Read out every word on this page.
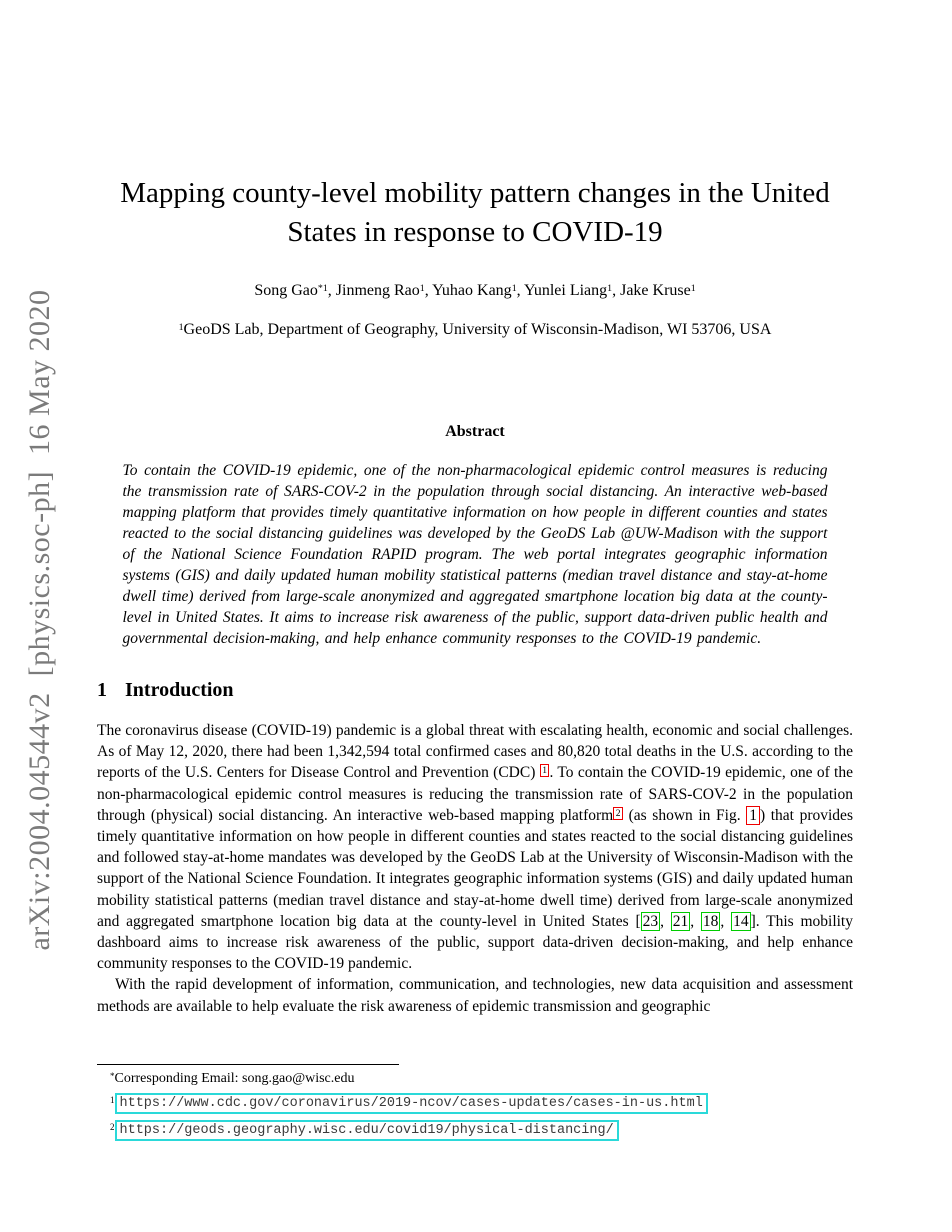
arXiv:2004.04544v2  [physics.soc-ph]  16 May 2020
Mapping county-level mobility pattern changes in the United States in response to COVID-19
Song Gao$^{*1}$, Jinmeng Rao$^1$, Yuhao Kang$^1$, Yunlei Liang$^1$, Jake Kruse$^1$
$^1$GeoDS Lab, Department of Geography, University of Wisconsin-Madison, WI 53706, USA
Abstract

To contain the COVID-19 epidemic, one of the non-pharmacological epidemic control measures is reducing the transmission rate of SARS-COV-2 in the population through social distancing. An interactive web-based mapping platform that provides timely quantitative information on how people in different counties and states reacted to the social distancing guidelines was developed by the GeoDS Lab @UW-Madison with the support of the National Science Foundation RAPID program. The web portal integrates geographic information systems (GIS) and daily updated human mobility statistical patterns (median travel distance and stay-at-home dwell time) derived from large-scale anonymized and aggregated smartphone location big data at the county-level in United States. It aims to increase risk awareness of the public, support data-driven public health and governmental decision-making, and help enhance community responses to the COVID-19 pandemic.

1 Introduction

The coronavirus disease (COVID-19) pandemic is a global threat with escalating health, economic and social challenges. As of May 12, 2020, there had been 1,342,594 total confirmed cases and 80,820 total deaths in the U.S. according to the reports of the U.S. Centers for Disease Control and Prevention (CDC) $^1$ . To contain the COVID-19 epidemic, one of the non-pharmacological epidemic control measures is reducing the transmission rate of SARS-COV-2 in the population through (physical) social distancing. An interactive web-based mapping platform $^2$ (as shown in Fig. 1 ) that provides timely quantitative information on how people in different counties and states reacted to the social distancing guidelines and followed stay-at-home mandates was developed by the GeoDS Lab at the University of Wisconsin-Madison with the support of the National Science Foundation. It integrates geographic information systems (GIS) and daily updated human mobility statistical patterns (median travel distance and stay-at-home dwell time) derived from large-scale anonymized and aggregated smartphone location big data at the county-level in United States [ 23 , 21 , 18 , 14 ]. This mobility dashboard aims to increase risk awareness of the public, support data-driven decision-making, and help enhance community responses to the COVID-19 pandemic.

With the rapid development of information, communication, and technologies, new data acquisition and assessment methods are available to help evaluate the risk awareness of epidemic transmission and geographic

*Corresponding Email: song.gao@wisc.edu
$^1$ https://www.cdc.gov/coronavirus/2019-ncov/cases-updates/cases-in-us.html
$^2$ https://geods.geography.wisc.edu/covid19/physical-distancing/
